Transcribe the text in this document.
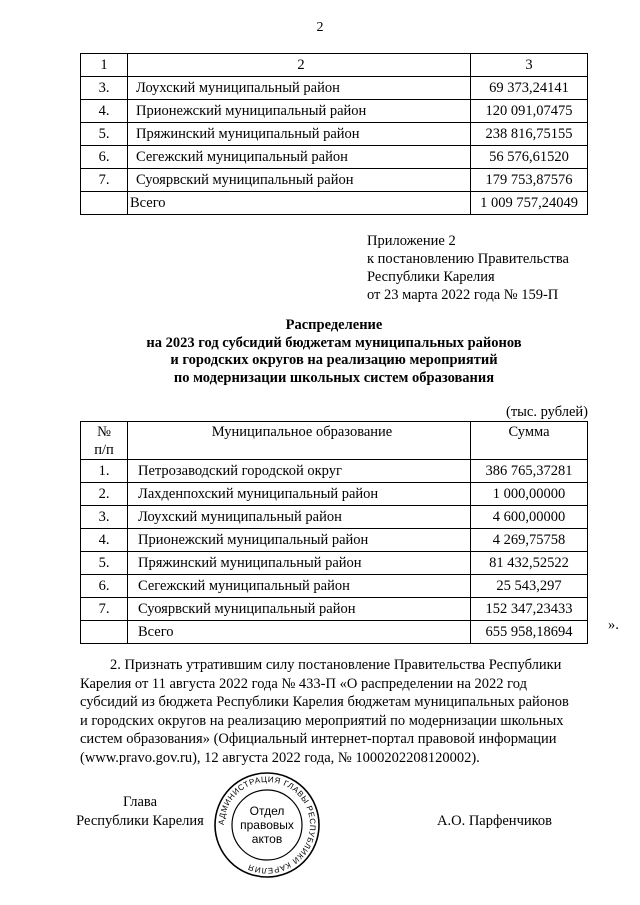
2
1	2	3
3.	Лоухский муниципальный район	69 373,24141
4.	Прионежский муниципальный район	120 091,07475
5.	Пряжинский муниципальный район	238 816,75155
6.	Сегежский муниципальный район	56 576,61520
7.	Суоярвский муниципальный район	179 753,87576
	Всего	1 009 757,24049
Приложение 2
к постановлению Правительства
Республики Карелия
от 23 марта 2022 года № 159-П
Распределение
на 2023 год субсидий бюджетам муниципальных районов
и городских округов на реализацию мероприятий
по модернизации школьных систем образования
(тыс. рублей)
№
п/п	Муниципальное образование	Сумма
1.	Петрозаводский городской округ	386 765,37281
2.	Лахденпохский муниципальный район	1 000,00000
3.	Лоухский муниципальный район	4 600,00000
4.	Прионежский муниципальный район	4 269,75758
5.	Пряжинский муниципальный район	81 432,52522
6.	Сегежский муниципальный район	25 543,297
7.	Суоярвский муниципальный район	152 347,23433
	Всего	655 958,18694 ».
2. Признать утратившим силу постановление Правительства Республики
Карелия от 11 августа 2022 года № 433-П «О распределении на 2022 год
субсидий из бюджета Республики Карелия бюджетам муниципальных районов
и городских округов на реализацию мероприятий по модернизации школьных
систем образования» (Официальный интернет-портал правовой информации
(www.pravo.gov.ru), 12 августа 2022 года, № 1000202208120002).
Глава
Республики Карелия	АДМИНИСТРАЦИЯ ГЛАВЫ РЕСПУБЛИКИ КАРЕЛИЯ
Отдел
правовых
актов
А.О. Парфенчиков
